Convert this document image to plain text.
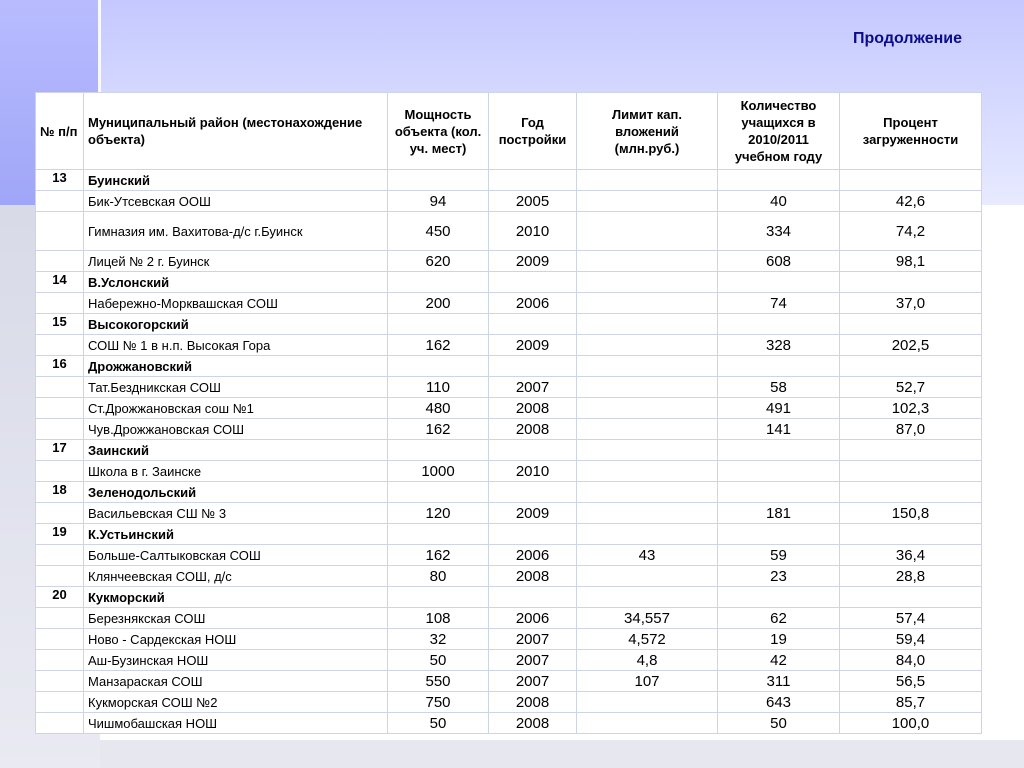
Продолжение
№ п/п	Муниципальный район (местонахождение объекта)	Мощность объекта (кол. уч. мест)	Год постройки	Лимит кап. вложений (млн.руб.)	Количество учащихся в 2010/2011 учебном году	Процент загруженности
13	Буинский					
	Бик-Утсевская ООШ	94	2005		40	42,6
	Гимназия им. Вахитова-д/с г.Буинск	450	2010		334	74,2
	Лицей № 2 г. Буинск	620	2009		608	98,1
14	В.Услонский					
	Набережно-Морквашская СОШ	200	2006		74	37,0
15	Высокогорский					
	СОШ № 1 в н.п. Высокая Гора	162	2009		328	202,5
16	Дрожжановский					
	Тат.Бездникская СОШ	110	2007		58	52,7
	Ст.Дрожжановская сош №1	480	2008		491	102,3
	Чув.Дрожжановская СОШ	162	2008		141	87,0
17	Заинский					
	Школа в г. Заинске	1000	2010			
18	Зеленодольский					
	Васильевская СШ № 3	120	2009		181	150,8
19	К.Устьинский					
	Больше-Салтыковская СОШ	162	2006	43	59	36,4
	Клянчеевская СОШ, д/с	80	2008		23	28,8
20	Кукморский					
	Березнякская СОШ	108	2006	34,557	62	57,4
	Ново - Сардекская НОШ	32	2007	4,572	19	59,4
	Аш-Бузинская НОШ	50	2007	4,8	42	84,0
	Манзараская СОШ	550	2007	107	311	56,5
	Кукморская СОШ №2	750	2008		643	85,7
	Чишмобашская НОШ	50	2008		50	100,0
